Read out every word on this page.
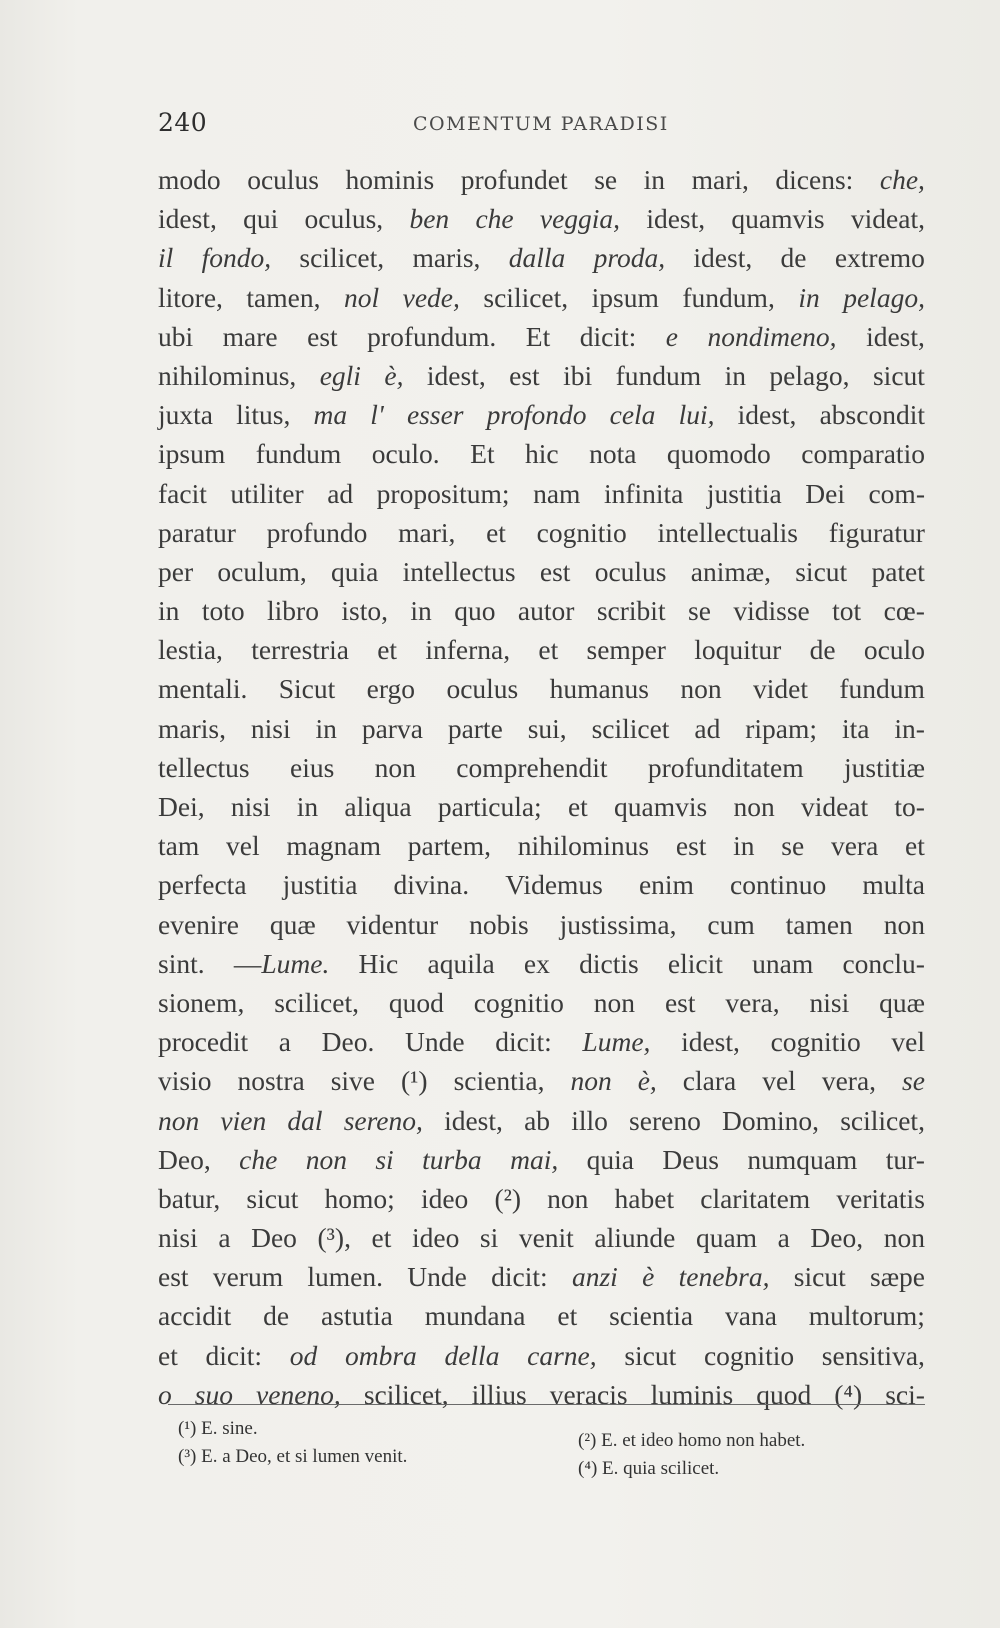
240	COMENTUM PARADISI
modo oculus hominis profundet se in mari, dicens: che,
idest, qui oculus, ben che veggia, idest, quamvis videat,
il fondo, scilicet, maris, dalla proda, idest, de extremo
litore, tamen, nol vede, scilicet, ipsum fundum, in pelago,
ubi mare est profundum. Et dicit: e nondimeno, idest,
nihilominus, egli è, idest, est ibi fundum in pelago, sicut
juxta litus, ma l' esser profondo cela lui, idest, abscondit
ipsum fundum oculo. Et hic nota quomodo comparatio
facit utiliter ad propositum; nam infinita justitia Dei com-
paratur profundo mari, et cognitio intellectualis figuratur
per oculum, quia intellectus est oculus animæ, sicut patet
in toto libro isto, in quo autor scribit se vidisse tot cœ-
lestia, terrestria et inferna, et semper loquitur de oculo
mentali. Sicut ergo oculus humanus non videt fundum
maris, nisi in parva parte sui, scilicet ad ripam; ita in-
tellectus eius non comprehendit profunditatem justitiæ
Dei, nisi in aliqua particula; et quamvis non videat to-
tam vel magnam partem, nihilominus est in se vera et
perfecta justitia divina. Videmus enim continuo multa
evenire quæ videntur nobis justissima, cum tamen non
sint. —Lume. Hic aquila ex dictis elicit unam conclu-
sionem, scilicet, quod cognitio non est vera, nisi quæ
procedit a Deo. Unde dicit: Lume, idest, cognitio vel
visio nostra sive (¹) scientia, non è, clara vel vera, se
non vien dal sereno, idest, ab illo sereno Domino, scilicet,
Deo, che non si turba mai, quia Deus numquam tur-
batur, sicut homo; ideo (²) non habet claritatem veritatis
nisi a Deo (³), et ideo si venit aliunde quam a Deo, non
est verum lumen. Unde dicit: anzi è tenebra, sicut sæpe
accidit de astutia mundana et scientia vana multorum;
et dicit: od ombra della carne, sicut cognitio sensitiva,
o suo veneno, scilicet, illius veracis luminis quod (⁴) sci-
(¹) E. sine.
(²) E. et ideo homo non habet.
(³) E. a Deo, et si lumen venit.
(⁴) E. quia scilicet.
